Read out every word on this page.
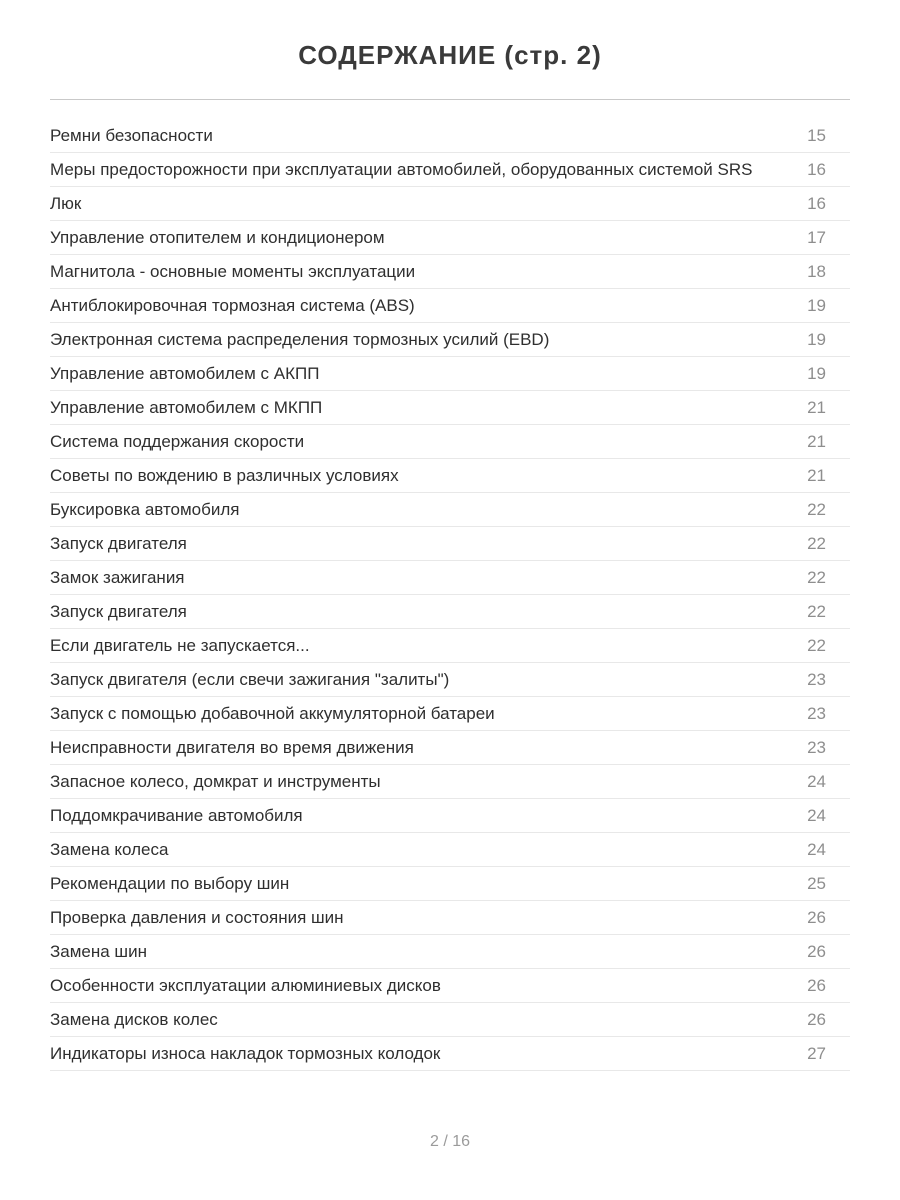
СОДЕРЖАНИЕ (стр. 2)
Ремни безопасности	15
Меры предосторожности при эксплуатации автомобилей, оборудованных системой SRS	16
Люк	16
Управление отопителем и кондиционером	17
Магнитола - основные моменты эксплуатации	18
Антиблокировочная тормозная система (ABS)	19
Электронная система распределения тормозных усилий (EBD)	19
Управление автомобилем с АКПП	19
Управление автомобилем с МКПП	21
Система поддержания скорости	21
Советы по вождению в различных условиях	21
Буксировка автомобиля	22
Запуск двигателя	22
Замок зажигания	22
Запуск двигателя	22
Если двигатель не запускается...	22
Запуск двигателя (если свечи зажигания "залиты")	23
Запуск с помощью добавочной аккумуляторной батареи	23
Неисправности двигателя во время движения	23
Запасное колесо, домкрат и инструменты	24
Поддомкрачивание автомобиля	24
Замена колеса	24
Рекомендации по выбору шин	25
Проверка давления и состояния шин	26
Замена шин	26
Особенности эксплуатации алюминиевых дисков	26
Замена дисков колес	26
Индикаторы износа накладок тормозных колодок	27
2 / 16
